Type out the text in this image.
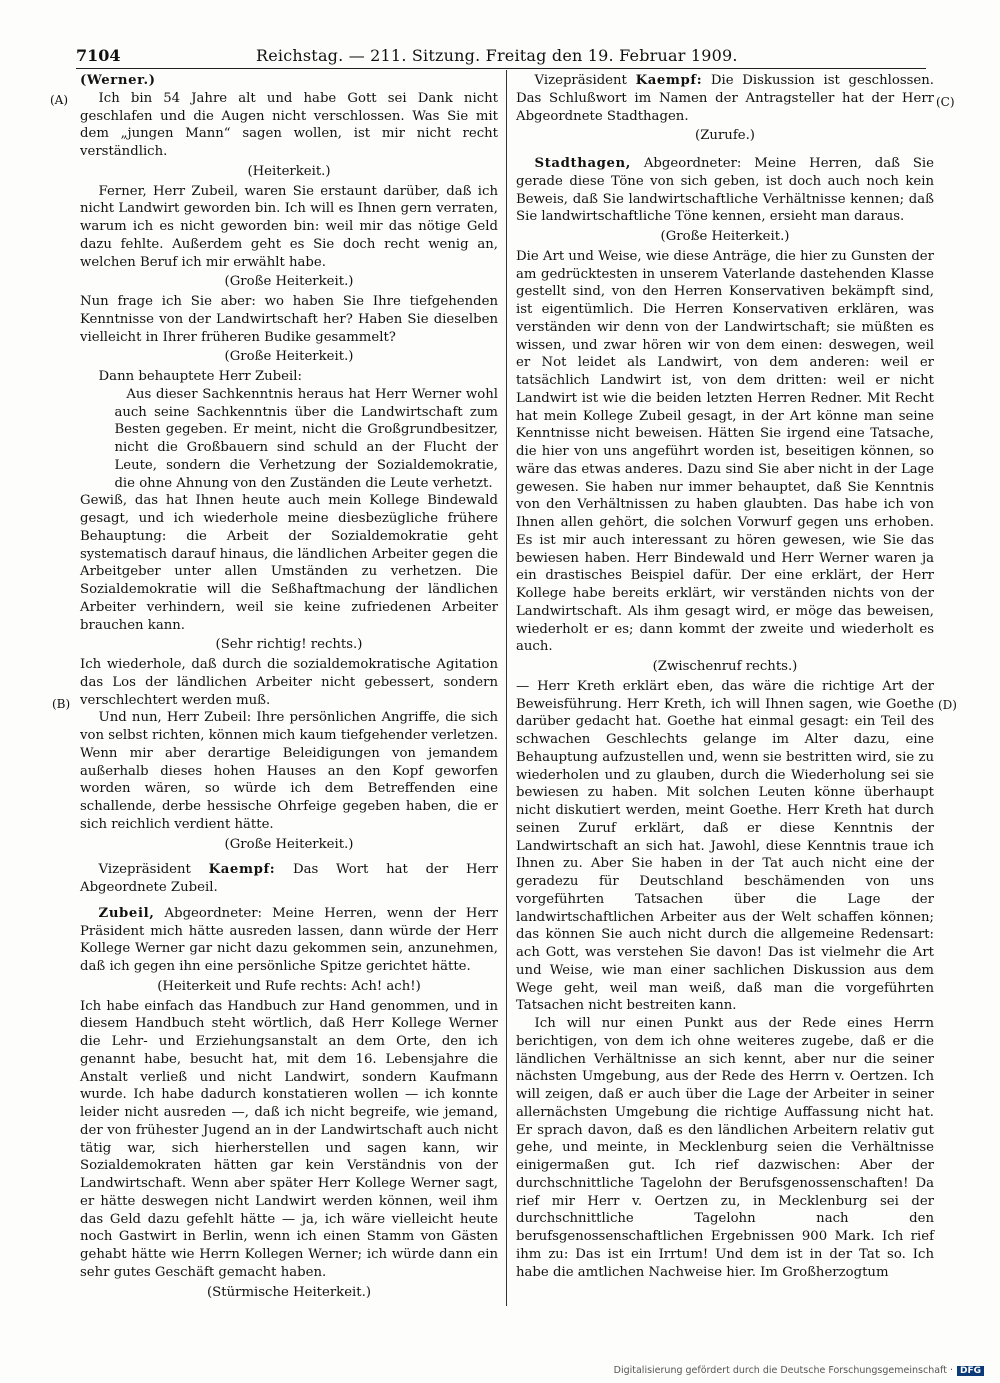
7104	Reichstag. — 211. Sitzung. Freitag den 19. Februar 1909.
(A)
(B)
(C)
(D)
(Werner.)

Ich bin 54 Jahre alt und habe Gott sei Dank nicht geschlafen und die Augen nicht verschlossen. Was Sie mit dem „jungen Mann“ sagen wollen, ist mir nicht recht verständlich.

(Heiterkeit.)

Ferner, Herr Zubeil, waren Sie erstaunt darüber, daß ich nicht Landwirt geworden bin. Ich will es Ihnen gern verraten, warum ich es nicht geworden bin: weil mir das nötige Geld dazu fehlte. Außerdem geht es Sie doch recht wenig an, welchen Beruf ich mir erwählt habe.

(Große Heiterkeit.)

Nun frage ich Sie aber: wo haben Sie Ihre tiefgehenden Kenntnisse von der Landwirtschaft her? Haben Sie dieselben vielleicht in Ihrer früheren Budike gesammelt?

(Große Heiterkeit.)

Dann behauptete Herr Zubeil:

Aus dieser Sachkenntnis heraus hat Herr Werner wohl auch seine Sachkenntnis über die Landwirtschaft zum Besten gegeben. Er meint, nicht die Großgrundbesitzer, nicht die Großbauern sind schuld an der Flucht der Leute, sondern die Verhetzung der Sozialdemokratie, die ohne Ahnung von den Zuständen die Leute verhetzt.

Gewiß, das hat Ihnen heute auch mein Kollege Bindewald gesagt, und ich wiederhole meine diesbezügliche frühere Behauptung: die Arbeit der Sozialdemokratie geht systematisch darauf hinaus, die ländlichen Arbeiter gegen die Arbeitgeber unter allen Umständen zu verhetzen. Die Sozialdemokratie will die Seßhaftmachung der ländlichen Arbeiter verhindern, weil sie keine zufriedenen Arbeiter brauchen kann.

(Sehr richtig! rechts.)

Ich wiederhole, daß durch die sozialdemokratische Agitation das Los der ländlichen Arbeiter nicht gebessert, sondern verschlechtert werden muß.

Und nun, Herr Zubeil: Ihre persönlichen Angriffe, die sich von selbst richten, können mich kaum tiefgehender verletzen. Wenn mir aber derartige Beleidigungen von jemandem außerhalb dieses hohen Hauses an den Kopf geworfen worden wären, so würde ich dem Betreffenden eine schallende, derbe hessische Ohrfeige gegeben haben, die er sich reichlich verdient hätte.

(Große Heiterkeit.)

Vizepräsident Kaempf: Das Wort hat der Herr Abgeordnete Zubeil.

Zubeil, Abgeordneter: Meine Herren, wenn der Herr Präsident mich hätte ausreden lassen, dann würde der Herr Kollege Werner gar nicht dazu gekommen sein, anzunehmen, daß ich gegen ihn eine persönliche Spitze gerichtet hätte.

(Heiterkeit und Rufe rechts: Ach! ach!)

Ich habe einfach das Handbuch zur Hand genommen, und in diesem Handbuch steht wörtlich, daß Herr Kollege Werner die Lehr- und Erziehungsanstalt an dem Orte, den ich genannt habe, besucht hat, mit dem 16. Lebensjahre die Anstalt verließ und nicht Landwirt, sondern Kaufmann wurde. Ich habe dadurch konstatieren wollen — ich konnte leider nicht ausreden —, daß ich nicht begreife, wie jemand, der von frühester Jugend an in der Landwirtschaft auch nicht tätig war, sich hierherstellen und sagen kann, wir Sozialdemokraten hätten gar kein Verständnis von der Landwirtschaft. Wenn aber später Herr Kollege Werner sagt, er hätte deswegen nicht Landwirt werden können, weil ihm das Geld dazu gefehlt hätte — ja, ich wäre vielleicht heute noch Gastwirt in Berlin, wenn ich einen Stamm von Gästen gehabt hätte wie Herrn Kollegen Werner; ich würde dann ein sehr gutes Geschäft gemacht haben.

(Stürmische Heiterkeit.)

Vizepräsident Kaempf: Die Diskussion ist geschlossen. Das Schlußwort im Namen der Antragsteller hat der Herr Abgeordnete Stadthagen.

(Zurufe.)

Stadthagen, Abgeordneter: Meine Herren, daß Sie gerade diese Töne von sich geben, ist doch auch noch kein Beweis, daß Sie landwirtschaftliche Verhältnisse kennen; daß Sie landwirtschaftliche Töne kennen, ersieht man daraus.

(Große Heiterkeit.)

Die Art und Weise, wie diese Anträge, die hier zu Gunsten der am gedrücktesten in unserem Vaterlande dastehenden Klasse gestellt sind, von den Herren Konservativen bekämpft sind, ist eigentümlich. Die Herren Konservativen erklären, was verständen wir denn von der Landwirtschaft; sie müßten es wissen, und zwar hören wir von dem einen: deswegen, weil er Not leidet als Landwirt, von dem anderen: weil er tatsächlich Landwirt ist, von dem dritten: weil er nicht Landwirt ist wie die beiden letzten Herren Redner. Mit Recht hat mein Kollege Zubeil gesagt, in der Art könne man seine Kenntnisse nicht beweisen. Hätten Sie irgend eine Tatsache, die hier von uns angeführt worden ist, beseitigen können, so wäre das etwas anderes. Dazu sind Sie aber nicht in der Lage gewesen. Sie haben nur immer behauptet, daß Sie Kenntnis von den Verhältnissen zu haben glaubten. Das habe ich von Ihnen allen gehört, die solchen Vorwurf gegen uns erhoben. Es ist mir auch interessant zu hören gewesen, wie Sie das bewiesen haben. Herr Bindewald und Herr Werner waren ja ein drastisches Beispiel dafür. Der eine erklärt, der Herr Kollege habe bereits erklärt, wir verständen nichts von der Landwirtschaft. Als ihm gesagt wird, er möge das beweisen, wiederholt er es; dann kommt der zweite und wiederholt es auch.

(Zwischenruf rechts.)

— Herr Kreth erklärt eben, das wäre die richtige Art der Beweisführung. Herr Kreth, ich will Ihnen sagen, wie Goethe darüber gedacht hat. Goethe hat einmal gesagt: ein Teil des schwachen Geschlechts gelange im Alter dazu, eine Behauptung aufzustellen und, wenn sie bestritten wird, sie zu wiederholen und zu glauben, durch die Wiederholung sei sie bewiesen zu haben. Mit solchen Leuten könne überhaupt nicht diskutiert werden, meint Goethe. Herr Kreth hat durch seinen Zuruf erklärt, daß er diese Kenntnis der Landwirtschaft an sich hat. Jawohl, diese Kenntnis traue ich Ihnen zu. Aber Sie haben in der Tat auch nicht eine der geradezu für Deutschland beschämenden von uns vorgeführten Tatsachen über die Lage der landwirtschaftlichen Arbeiter aus der Welt schaffen können; das können Sie auch nicht durch die allgemeine Redensart: ach Gott, was verstehen Sie davon! Das ist vielmehr die Art und Weise, wie man einer sachlichen Diskussion aus dem Wege geht, weil man weiß, daß man die vorgeführten Tatsachen nicht bestreiten kann.

Ich will nur einen Punkt aus der Rede eines Herrn berichtigen, von dem ich ohne weiteres zugebe, daß er die ländlichen Verhältnisse an sich kennt, aber nur die seiner nächsten Umgebung, aus der Rede des Herrn v. Oertzen. Ich will zeigen, daß er auch über die Lage der Arbeiter in seiner allernächsten Umgebung die richtige Auffassung nicht hat. Er sprach davon, daß es den ländlichen Arbeitern relativ gut gehe, und meinte, in Mecklenburg seien die Verhältnisse einigermaßen gut. Ich rief dazwischen: Aber der durchschnittliche Tagelohn der Berufsgenossenschaften! Da rief mir Herr v. Oertzen zu, in Mecklenburg sei der durchschnittliche Tagelohn nach den berufsgenossenschaftlichen Ergebnissen 900 Mark. Ich rief ihm zu: Das ist ein Irrtum! Und dem ist in der Tat so. Ich habe die amtlichen Nachweise hier. Im Großherzogtum

Digitalisierung gefördert durch die Deutsche Forschungsgemeinschaft · DFG
